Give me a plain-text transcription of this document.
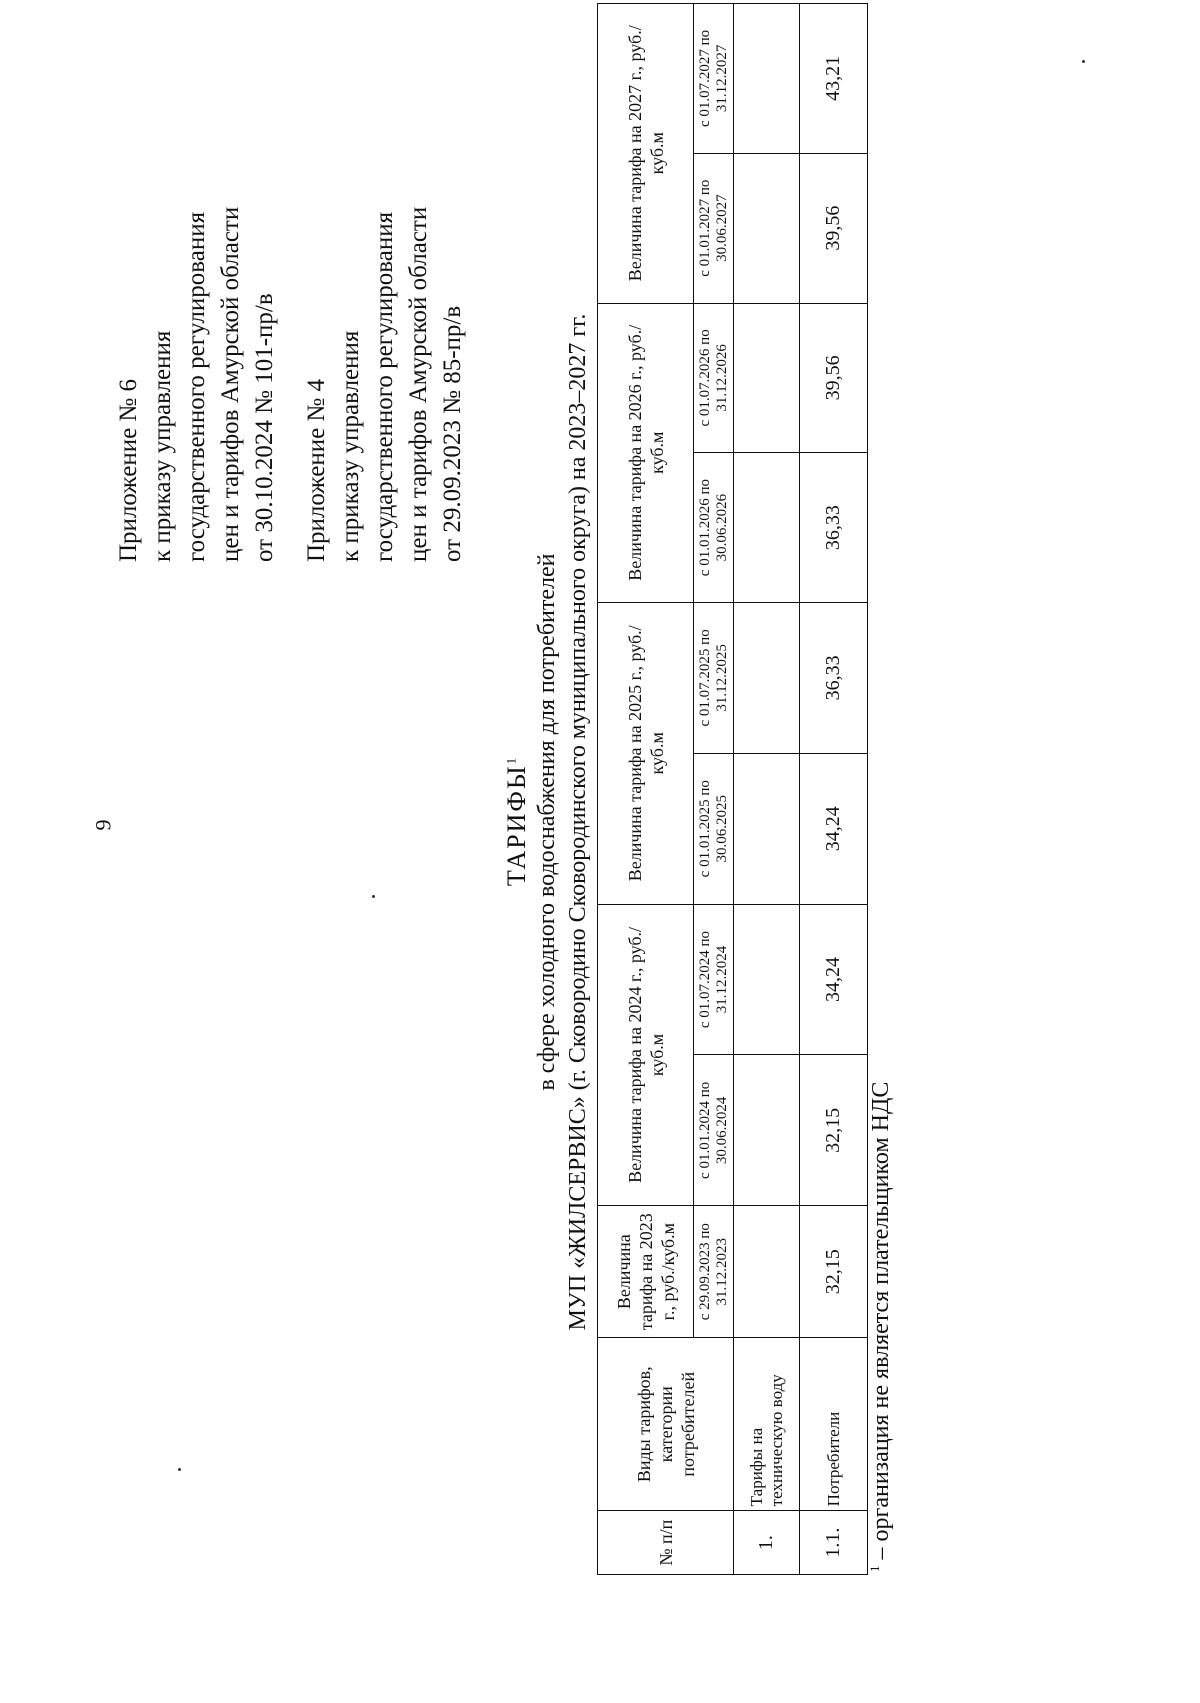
9
Приложение № 6 к приказу управления государственного регулирования цен и тарифов Амурской области от 30.10.2024 № 101-пр/в Приложение № 4 к приказу управления государственного регулирования цен и тарифов Амурской области от 29.09.2023 № 85-пр/в
ТАРИФЫ$^1$ в сфере холодного водоснабжения для потребителей МУП «ЖИЛСЕРВИС» (г. Сковородино Сковородинского муниципального округа) на 2023–2027 гг.
№ п/п	Виды тарифов, категории потребителей	Величина тарифа на 2023 г., руб./куб.м	Величина тарифа на 2024 г., руб./куб.м		Величина тарифа на 2025 г., руб./куб.м		Величина тарифа на 2026 г., руб./куб.м		Величина тарифа на 2027 г., руб./куб.м	
		с 29.09.2023 по 31.12.2023	с 01.01.2024 по 30.06.2024	с 01.07.2024 по 31.12.2024	с 01.01.2025 по 30.06.2025	с 01.07.2025 по 31.12.2025	с 01.01.2026 по 30.06.2026	с 01.07.2026 по 31.12.2026	с 01.01.2027 по 30.06.2027	с 01.07.2027 по 31.12.2027
1.	Тарифы на техническую воду									
1.1.	Потребители	32,15	32,15	34,24	34,24	36,33	36,33	39,56	39,56	43,21
$^1$ – организация не является плательщиком НДС
